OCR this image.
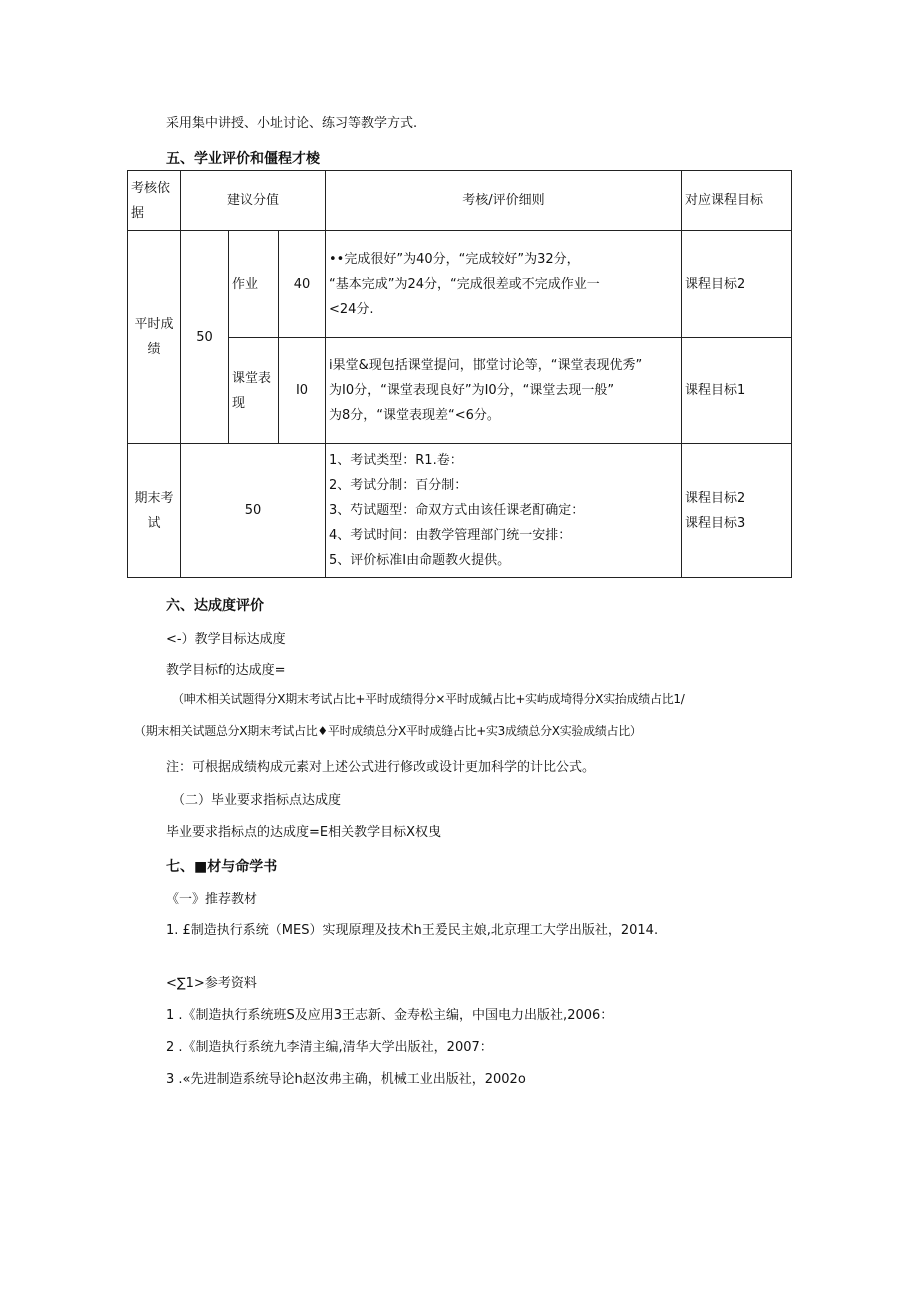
采用集中讲授、小址讨论、练习等教学方式.
五、学业评价和僵程才棱
考核依据	建议分值			考核/评价细则	对应课程目标
平时成绩	50	作业	40	••完成很好”为40分，“完成较好”为32分，
“基本完成”为24分，“完成很差或不完成作业一
<24分.	课程目标2
		课堂表现	I0	i果堂&现包括课堂提问，邯堂讨论等，“课堂表现优秀”
为I0分，“课堂表现良好”为I0分，“课堂去现一般”
为8分，“课堂表现差“<6分。	课程目标1
期末考试	50			1、考试类型：R1.卷：
2、考试分制：百分制：
3、芍试题型：命双方式由该任课老酊确定：
4、考试时间：由教学管理部门统一安排：
5、评价标准I由命题教火提供。	课程目标2
课程目标3
六、达成度评价
<-）教学目标达成度
教学目标f的达成度=
（呻术相关试题得分X期末考试占比+平时成绩得分×平时成缄占比+实屿成埼得分X实抬成绩占比1/
（期末相关试题总分X期末考试占比♦平时成绩总分X平时成缝占比+实3成绩总分X实验成绩占比）
注：可根据成绩构成元素对上述公式进行修改或设计更加科学的计比公式。
（二）毕业要求指标点达成度
毕业要求指标点的达成度=E相关教学目标X权曳
七、■材与命学书
《一》推荐教材
1. £制造执行系统（MES）实现原理及技术h王爰民主娘,北京理工大学出版社，2014.
<∑1>参考资料
1 .《制造执行系统班S及应用3王志新、金寿松主编，中国电力出版社,2006：
2 .《制造执行系统九李清主编,清华大学出版社，2007：
3 .«先进制造系统导论h赵汝弗主确，机械工业出版社，2002o
